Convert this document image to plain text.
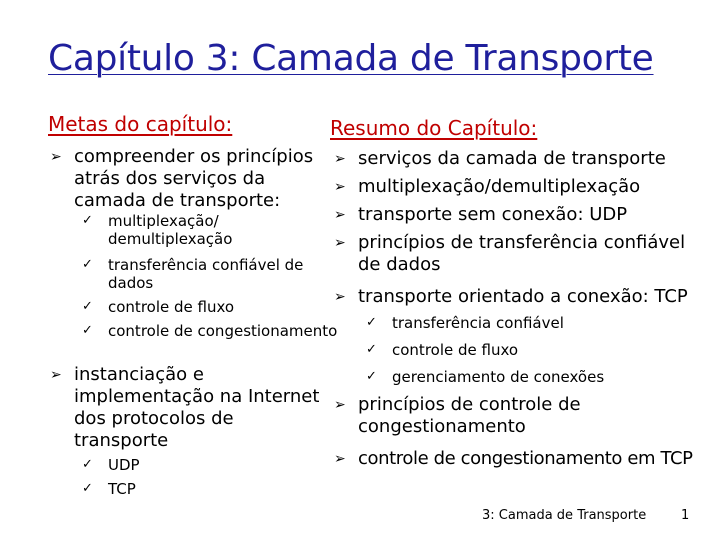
Capítulo 3: Camada de Transporte
Metas do capítulo:
➢ compreender os princípios atrás dos serviços da camada de transporte:
✓	multiplexação/ demultiplexação
✓	transferência confiável de dados
✓	controle de fluxo
✓	controle de congestionamento
➢ instanciação e implementação na Internet dos protocolos de transporte
✓	UDP
✓	TCP
Resumo do Capítulo:
➢ serviços da camada de transporte
➢ multiplexação/demultiplexação
➢ transporte sem conexão: UDP
➢ princípios de transferência confiável de dados
➢ transporte orientado a conexão: TCP
✓	transferência confiável
✓	controle de fluxo
✓	gerenciamento de conexões
➢ princípios de controle de congestionamento
➢ controle de congestionamento em TCP
3: Camada de Transporte	1
